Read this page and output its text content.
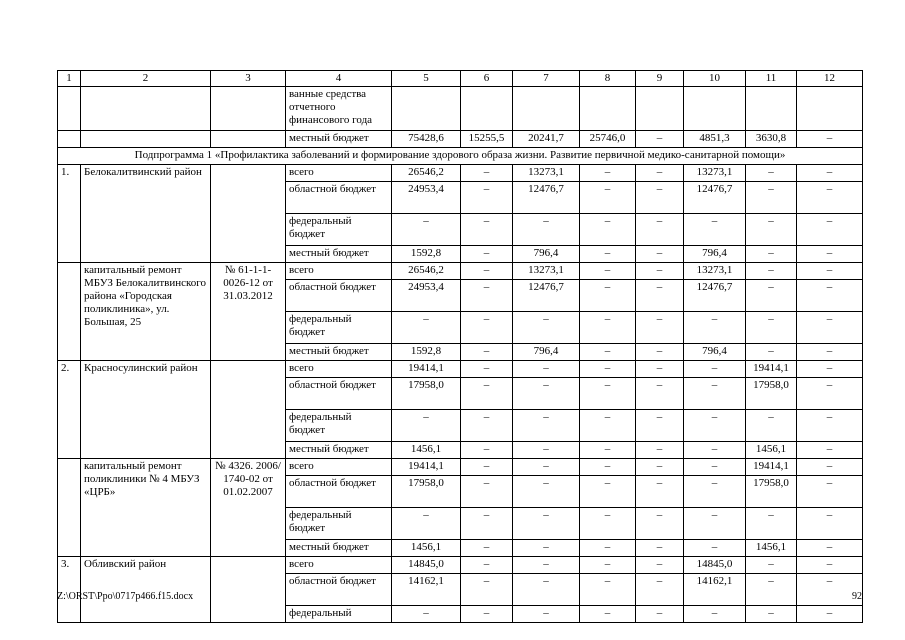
1	2	3	4	5	6	7	8	9	10	11	12
			ванные средства отчетного финансового года								
			местный бюджет	75428,6	15255,5	20241,7	25746,0	–	4851,3	3630,8	–
Подпрограмма 1 «Профилактика заболеваний и формирование здорового образа жизни. Развитие первичной медико-санитарной помощи»											
1.	Белокалитвинский район		всего	26546,2	–	13273,1	–	–	13273,1	–	–
			областной бюджет	24953,4	–	12476,7	–	–	12476,7	–	–
			федеральный бюджет	–	–	–	–	–	–	–	–
			местный бюджет	1592,8	–	796,4	–	–	796,4	–	–
	капитальный ремонт МБУЗ Белокалитвинского района «Городская поликлиника», ул. Большая, 25	№ 61-1-1-0026-12 от 31.03.2012	всего	26546,2	–	13273,1	–	–	13273,1	–	–
			областной бюджет	24953,4	–	12476,7	–	–	12476,7	–	–
			федеральный бюджет	–	–	–	–	–	–	–	–
			местный бюджет	1592,8	–	796,4	–	–	796,4	–	–
2.	Красносулинский район		всего	19414,1	–	–	–	–	–	19414,1	–
			областной бюджет	17958,0	–	–	–	–	–	17958,0	–
			федеральный бюджет	–	–	–	–	–	–	–	–
			местный бюджет	1456,1	–	–	–	–	–	1456,1	–
	капитальный ремонт поликлиники № 4 МБУЗ «ЦРБ»	№ 4326. 2006/ 1740-02 от 01.02.2007	всего	19414,1	–	–	–	–	–	19414,1	–
			областной бюджет	17958,0	–	–	–	–	–	17958,0	–
			федеральный бюджет	–	–	–	–	–	–	–	–
			местный бюджет	1456,1	–	–	–	–	–	1456,1	–
3.	Обливский район		всего	14845,0	–	–	–	–	14845,0	–	–
			областной бюджет	14162,1	–	–	–	–	14162,1	–	–
			федеральный	–	–	–	–	–	–	–	–
Z:\ORST\Ppo\0717p466.f15.docx	92
